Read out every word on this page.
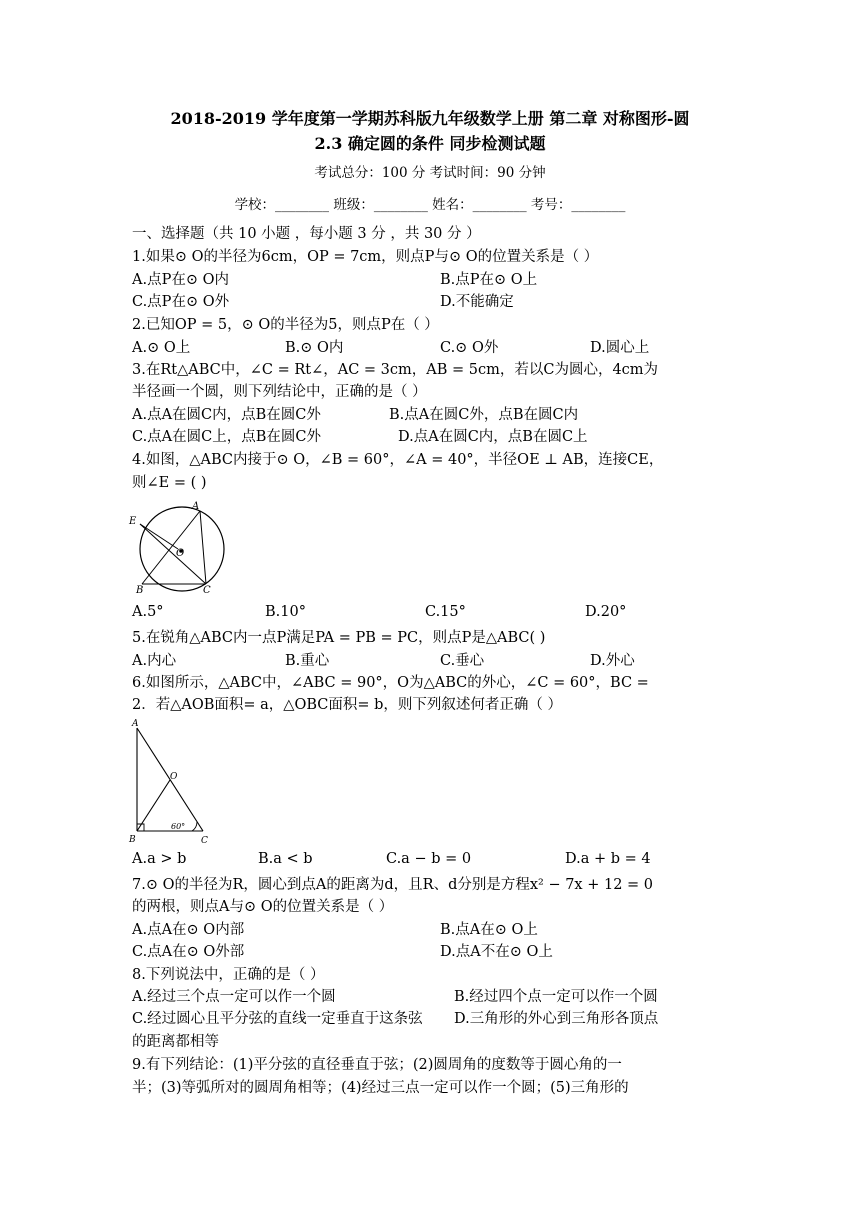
2018-2019 学年度第一学期苏科版九年级数学上册 第二章 对称图形-圆
2.3 确定圆的条件 同步检测试题
考试总分：100 分 考试时间：90 分钟
学校：________ 班级：________ 姓名：________ 考号：________
一、选择题（共 10 小题 ，每小题 3 分 ，共 30 分 ）
1.如果⊙ O的半径为6cm，OP = 7cm，则点P与⊙ O的位置关系是（ ）
A.点P在⊙ O内	B.点P在⊙ O上
C.点P在⊙ O外	D.不能确定
2.已知OP = 5，⊙ O的半径为5，则点P在（ ）
A.⊙ O上	B.⊙ O内	C.⊙ O外	D.圆心上
3.在Rt△ABC中，∠C = Rt∠，AC = 3cm，AB = 5cm，若以C为圆心，4cm为
半径画一个圆，则下列结论中，正确的是（ ）
A.点A在圆C内，点B在圆C外	B.点A在圆C外，点B在圆C内
C.点A在圆C上，点B在圆C外	D.点A在圆C内，点B在圆C上
4.如图，△ABC内接于⊙ O，∠B = 60°，∠A = 40°，半径OE ⊥ AB，连接CE，
则∠E = ( )
E
A
O
B	C
A.5°	B.10°	C.15°	D.20°
5.在锐角△ABC内一点P满足PA = PB = PC，则点P是△ABC( )
A.内心	B.重心	C.垂心	D.外心
6.如图所示，△ABC中，∠ABC = 90°，O为△ABC的外心，∠C = 60°，BC =
2．若△AOB面积= a，△OBC面积= b，则下列叙述何者正确（ ）
A
O
B
60°
C
A.a > b	B.a < b	C.a − b = 0	D.a + b = 4
7.⊙ O的半径为R，圆心到点A的距离为d，且R、d分别是方程x² − 7x + 12 = 0
的两根，则点A与⊙ O的位置关系是（ ）
A.点A在⊙ O内部	B.点A在⊙ O上
C.点A在⊙ O外部	D.点A不在⊙ O上
8.下列说法中，正确的是（ ）
A.经过三个点一定可以作一个圆	B.经过四个点一定可以作一个圆
C.经过圆心且平分弦的直线一定垂直于这条弦 D.三角形的外心到三角形各顶点
的距离都相等
9.有下列结论：(1)平分弦的直径垂直于弦；(2)圆周角的度数等于圆心角的一
半；(3)等弧所对的圆周角相等；(4)经过三点一定可以作一个圆；(5)三角形的
